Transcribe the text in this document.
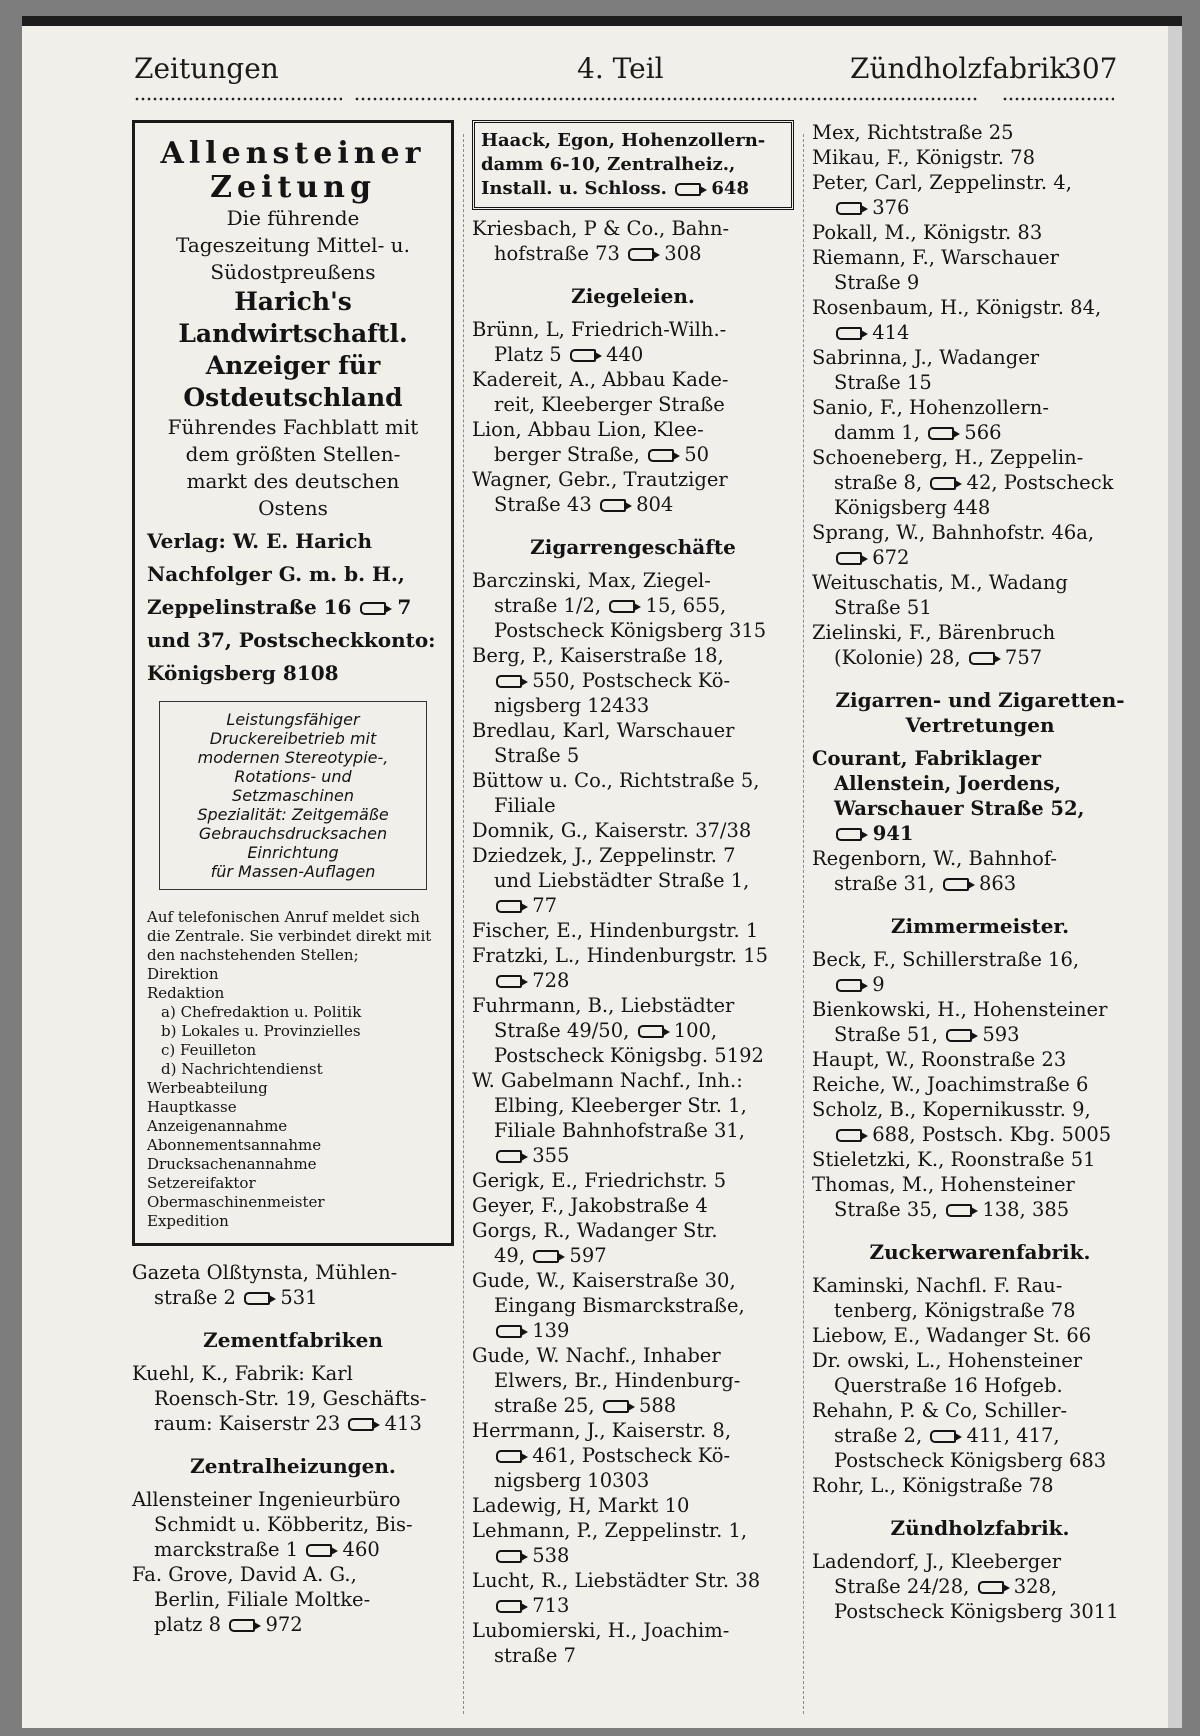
Zeitungen	4. Teil	Zündholzfabrik
307
Allensteiner
Zeitung
Die führende
Tageszeitung Mittel- u.
Südostpreußens
Harich's
Landwirtschaftl.
Anzeiger für
Ostdeutschland
Führendes Fachblatt mit
dem größten Stellen-
markt des deutschen
Ostens
Verlag: W. E. Harich
Nachfolger G. m. b. H.,
Zeppelinstraße 16  7
und 37, Postscheckkonto:
Königsberg 8108
Leistungsfähiger
Druckereibetrieb mit
modernen Stereotypie-,
Rotations- und
Setzmaschinen
Spezialität: Zeitgemäße
Gebrauchsdrucksachen
Einrichtung
für Massen-Auflagen
Auf telefonischen Anruf meldet sich die Zentrale. Sie verbindet direkt mit den nachstehenden Stellen;
Direktion
Redaktion
a) Chefredaktion u. Politik
b) Lokales u. Provinzielles
c) Feuilleton
d) Nachrichtendienst
Werbeabteilung
Hauptkasse
Anzeigenannahme
Abonnementsannahme
Drucksachenannahme
Setzereifaktor
Obermaschinenmeister
Expedition
Gazeta Olßtynsta, Mühlen-
straße 2  531
Zementfabriken
Kuehl, K., Fabrik: Karl
Roensch-Str. 19, Geschäfts-
raum: Kaiserstr 23  413
Zentralheizungen.
Allensteiner Ingenieurbüro
Schmidt u. Köbberitz, Bis-
marckstraße 1  460
Fa. Grove, David A. G.,
Berlin, Filiale Moltke-
platz 8  972
Haack, Egon, Hohenzollern-
damm 6-10, Zentralheiz.,
Install. u. Schloss.  648
Kriesbach, P & Co., Bahn-
hofstraße 73  308
Ziegeleien.
Brünn, L, Friedrich-Wilh.-
Platz 5  440
Kadereit, A., Abbau Kade-
reit, Kleeberger Straße
Lion, Abbau Lion, Klee-
berger Straße,  50
Wagner, Gebr., Trautziger
Straße 43  804
Zigarrengeschäfte
Barczinski, Max, Ziegel-
straße 1/2,  15, 655,
Postscheck Königsberg 315
Berg, P., Kaiserstraße 18,
550, Postscheck Kö-
nigsberg 12433
Bredlau, Karl, Warschauer
Straße 5
Büttow u. Co., Richtstraße 5,
Filiale
Domnik, G., Kaiserstr. 37/38
Dziedzek, J., Zeppelinstr. 7
und Liebstädter Straße 1,
77
Fischer, E., Hindenburgstr. 1
Fratzki, L., Hindenburgstr. 15
728
Fuhrmann, B., Liebstädter
Straße 49/50,  100,
Postscheck Königsbg. 5192
W. Gabelmann Nachf., Inh.:
Elbing, Kleeberger Str. 1,
Filiale Bahnhofstraße 31,
355
Gerigk, E., Friedrichstr. 5
Geyer, F., Jakobstraße 4
Gorgs, R., Wadanger Str.
49,  597
Gude, W., Kaiserstraße 30,
Eingang Bismarckstraße,
139
Gude, W. Nachf., Inhaber
Elwers, Br., Hindenburg-
straße 25,  588
Herrmann, J., Kaiserstr. 8,
461, Postscheck Kö-
nigsberg 10303
Ladewig, H, Markt 10
Lehmann, P., Zeppelinstr. 1,
538
Lucht, R., Liebstädter Str. 38
713
Lubomierski, H., Joachim-
straße 7
Mex, Richtstraße 25
Mikau, F., Königstr. 78
Peter, Carl, Zeppelinstr. 4,
376
Pokall, M., Königstr. 83
Riemann, F., Warschauer
Straße 9
Rosenbaum, H., Königstr. 84,
414
Sabrinna, J., Wadanger
Straße 15
Sanio, F., Hohenzollern-
damm 1,  566
Schoeneberg, H., Zeppelin-
straße 8,  42, Postscheck
Königsberg 448
Sprang, W., Bahnhofstr. 46a,
672
Weituschatis, M., Wadang
Straße 51
Zielinski, F., Bärenbruch
(Kolonie) 28,  757
Zigarren- und Zigaretten-
Vertretungen
Courant, Fabriklager
Allenstein, Joerdens,
Warschauer Straße 52,
941
Regenborn, W., Bahnhof-
straße 31,  863
Zimmermeister.
Beck, F., Schillerstraße 16,
9
Bienkowski, H., Hohensteiner
Straße 51,  593
Haupt, W., Roonstraße 23
Reiche, W., Joachimstraße 6
Scholz, B., Kopernikusstr. 9,
688, Postsch. Kbg. 5005
Stieletzki, K., Roonstraße 51
Thomas, M., Hohensteiner
Straße 35,  138, 385
Zuckerwarenfabrik.
Kaminski, Nachfl. F. Rau-
tenberg, Königstraße 78
Liebow, E., Wadanger St. 66
Dr. owski, L., Hohensteiner
Querstraße 16 Hofgeb.
Rehahn, P. & Co, Schiller-
straße 2,  411, 417,
Postscheck Königsberg 683
Rohr, L., Königstraße 78
Zündholzfabrik.
Ladendorf, J., Kleeberger
Straße 24/28,  328,
Postscheck Königsberg 3011
